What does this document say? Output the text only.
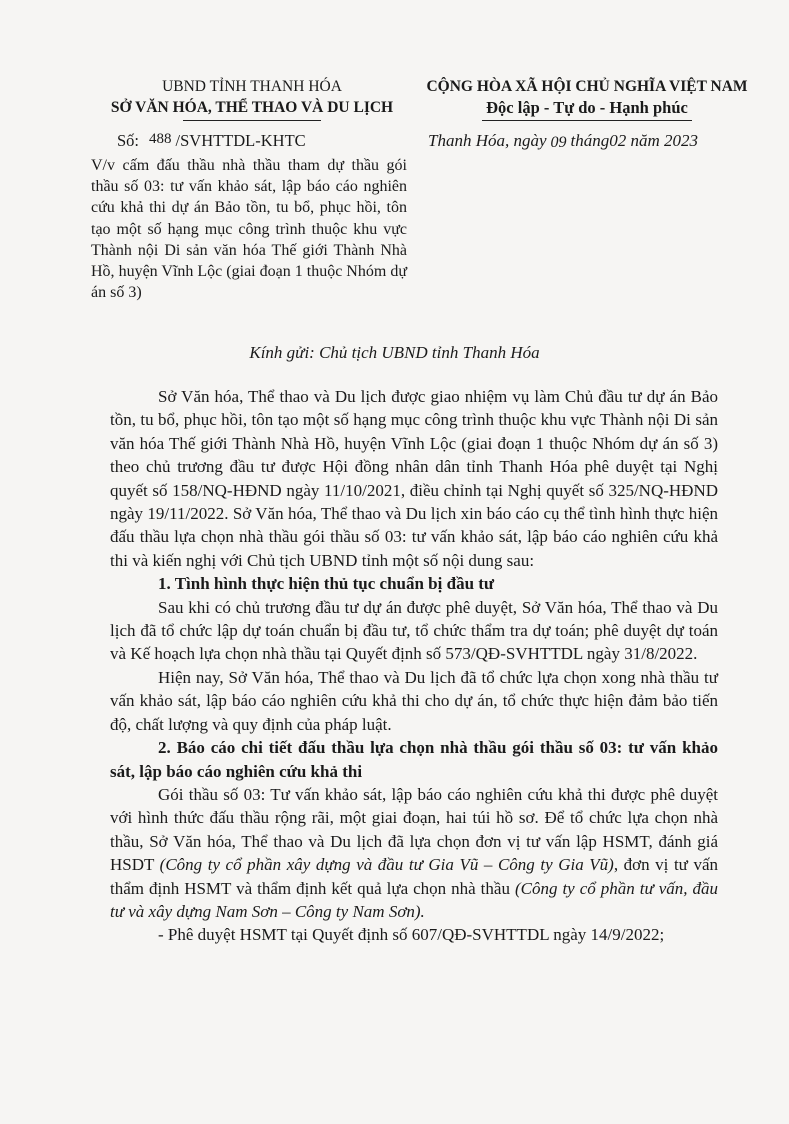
UBND TỈNH THANH HÓA
SỞ VĂN HÓA, THỂ THAO VÀ DU LỊCH
CỘNG HÒA XÃ HỘI CHỦ NGHĨA VIỆT NAM
Độc lập - Tự do - Hạnh phúc
Số: 488 /SVHTTDL-KHTC	Thanh Hóa, ngày 09 tháng02 năm 2023
V/v cấm đấu thầu nhà thầu tham dự thầu gói thầu số 03: tư vấn khảo sát, lập báo cáo nghiên cứu khả thi dự án Bảo tồn, tu bổ, phục hồi, tôn tạo một số hạng mục công trình thuộc khu vực Thành nội Di sản văn hóa Thế giới Thành Nhà Hồ, huyện Vĩnh Lộc (giai đoạn 1 thuộc Nhóm dự án số 3)
Kính gửi: Chủ tịch UBND tỉnh Thanh Hóa

Sở Văn hóa, Thể thao và Du lịch được giao nhiệm vụ làm Chủ đầu tư dự án Bảo tồn, tu bổ, phục hồi, tôn tạo một số hạng mục công trình thuộc khu vực Thành nội Di sản văn hóa Thế giới Thành Nhà Hồ, huyện Vĩnh Lộc (giai đoạn 1 thuộc Nhóm dự án số 3) theo chủ trương đầu tư được Hội đồng nhân dân tỉnh Thanh Hóa phê duyệt tại Nghị quyết số 158/NQ-HĐND ngày 11/10/2021, điều chỉnh tại Nghị quyết số 325/NQ-HĐND ngày 19/11/2022. Sở Văn hóa, Thể thao và Du lịch xin báo cáo cụ thể tình hình thực hiện đấu thầu lựa chọn nhà thầu gói thầu số 03: tư vấn khảo sát, lập báo cáo nghiên cứu khả thi và kiến nghị với Chủ tịch UBND tỉnh một số nội dung sau:

1. Tình hình thực hiện thủ tục chuẩn bị đầu tư

Sau khi có chủ trương đầu tư dự án được phê duyệt, Sở Văn hóa, Thể thao và Du lịch đã tổ chức lập dự toán chuẩn bị đầu tư, tổ chức thẩm tra dự toán; phê duyệt dự toán và Kế hoạch lựa chọn nhà thầu tại Quyết định số 573/QĐ-SVHTTDL ngày 31/8/2022.

Hiện nay, Sở Văn hóa, Thể thao và Du lịch đã tổ chức lựa chọn xong nhà thầu tư vấn khảo sát, lập báo cáo nghiên cứu khả thi cho dự án, tổ chức thực hiện đảm bảo tiến độ, chất lượng và quy định của pháp luật.

2. Báo cáo chi tiết đấu thầu lựa chọn nhà thầu gói thầu số 03: tư vấn khảo sát, lập báo cáo nghiên cứu khả thi

Gói thầu số 03: Tư vấn khảo sát, lập báo cáo nghiên cứu khả thi được phê duyệt với hình thức đấu thầu rộng rãi, một giai đoạn, hai túi hồ sơ. Để tổ chức lựa chọn nhà thầu, Sở Văn hóa, Thể thao và Du lịch đã lựa chọn đơn vị tư vấn lập HSMT, đánh giá HSDT (Công ty cổ phần xây dựng và đầu tư Gia Vũ – Công ty Gia Vũ), đơn vị tư vấn thẩm định HSMT và thẩm định kết quả lựa chọn nhà thầu (Công ty cổ phần tư vấn, đầu tư và xây dựng Nam Sơn – Công ty Nam Sơn).

- Phê duyệt HSMT tại Quyết định số 607/QĐ-SVHTTDL ngày 14/9/2022;
